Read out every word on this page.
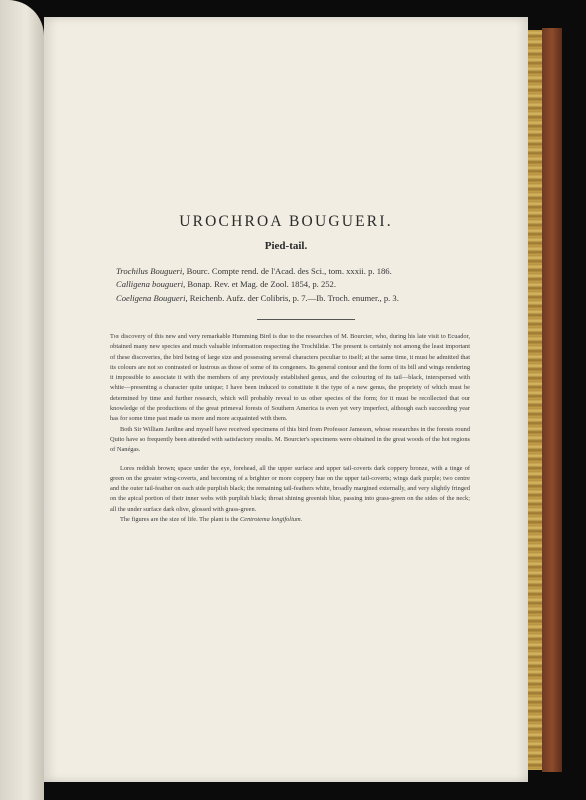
UROCHROA BOUGUERI.
Pied-tail.
Trochilus Bougueri, Bourc. Compte rend. de l'Acad. des Sci., tom. xxxii. p. 186.
Calligena bougueri, Bonap. Rev. et Mag. de Zool. 1854, p. 252.
Coeligena Bougueri, Reichenb. Aufz. der Colibris, p. 7.—Ib. Troch. enumer., p. 3.

The discovery of this new and very remarkable Humming Bird is due to the researches of M. Bourcier, who, during his late visit to Ecuador, obtained many new species and much valuable information respecting the Trochilidæ. The present is certainly not among the least important of these discoveries, the bird being of large size and possessing several characters peculiar to itself; at the same time, it must be admitted that its colours are not so contrasted or lustrous as those of some of its congeners. Its general contour and the form of its bill and wings rendering it impossible to associate it with the members of any previously established genus, and the colouring of its tail—black, interspersed with white—presenting a character quite unique; I have been induced to constitute it the type of a new genus, the propriety of which must be determined by time and further research, which will probably reveal to us other species of the form; for it must be recollected that our knowledge of the productions of the great primeval forests of Southern America is even yet very imperfect, although each succeeding year has for some time past made us more and more acquainted with them.

Both Sir William Jardine and myself have received specimens of this bird from Professor Jameson, whose researches in the forests round Quito have so frequently been attended with satisfactory results. M. Bourcier's specimens were obtained in the great woods of the hot regions of Nanégas.

Lores reddish brown; space under the eye, forehead, all the upper surface and upper tail-coverts dark coppery bronze, with a tinge of green on the greater wing-coverts, and becoming of a brighter or more coppery hue on the upper tail-coverts; wings dark purple; two centre and the outer tail-feather on each side purplish black; the remaining tail-feathers white, broadly margined externally, and very slightly fringed on the apical portion of their inner webs with purplish black; throat shining greenish blue, passing into grass-green on the sides of the neck; all the under surface dark olive, glossed with grass-green.

The figures are the size of life. The plant is the Centrotema longifolium.
